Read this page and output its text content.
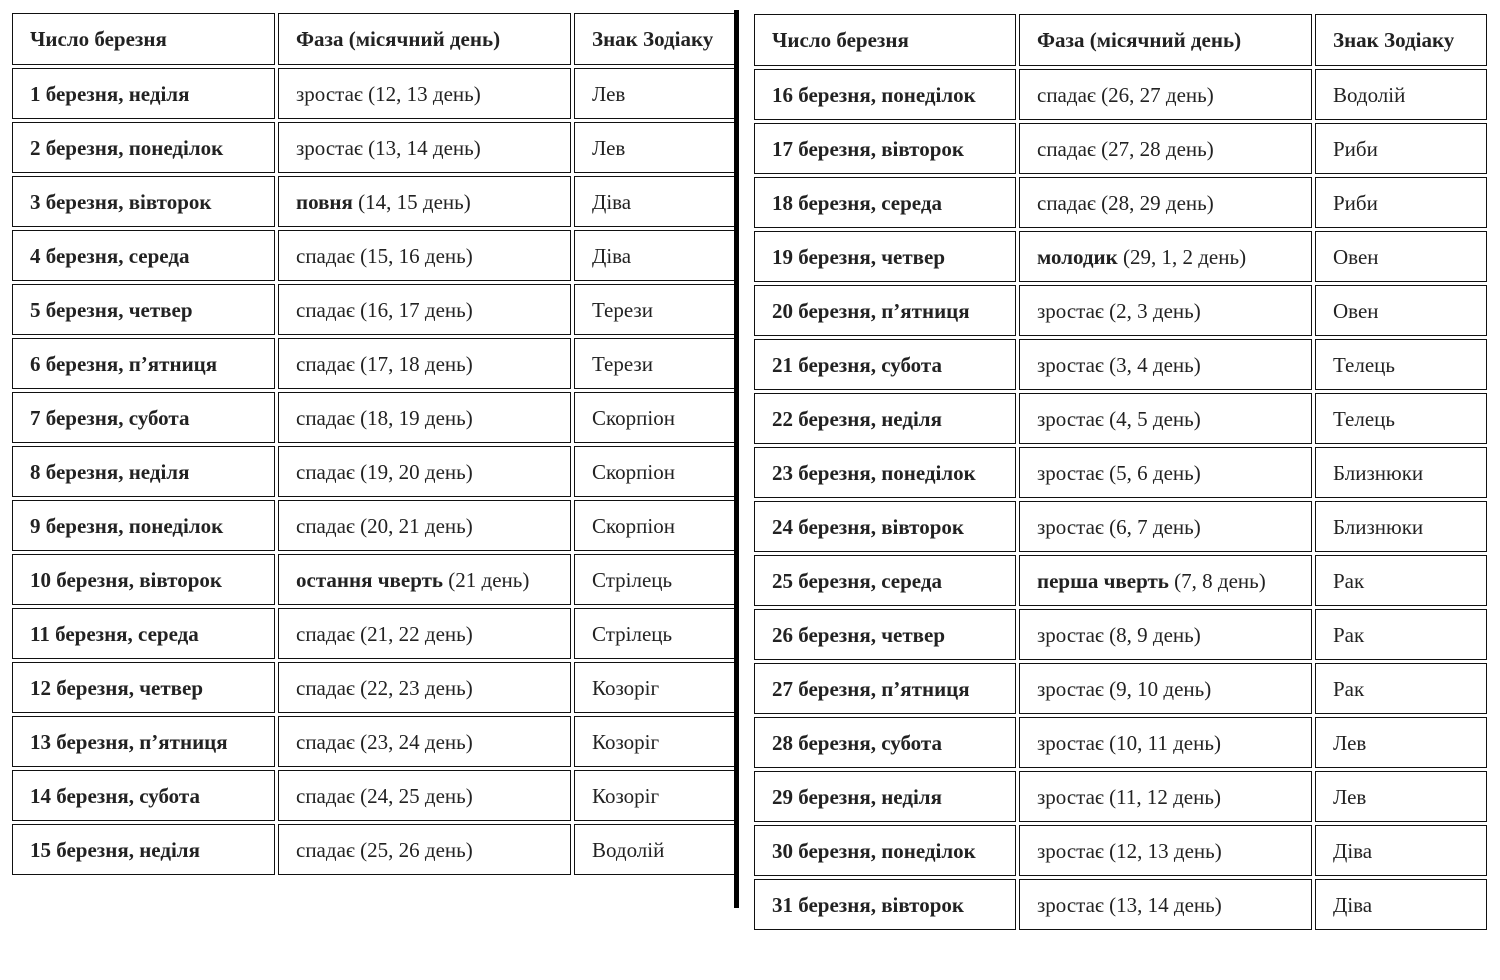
Число березня	Фаза (місячний день)	Знак Зодіаку
1 березня, неділя	зростає (12, 13 день)	Лев
2 березня, понеділок	зростає (13, 14 день)	Лев
3 березня, вівторок	повня (14, 15 день)	Діва
4 березня, середа	спадає (15, 16 день)	Діва
5 березня, четвер	спадає (16, 17 день)	Терези
6 березня, п’ятниця	спадає (17, 18 день)	Терези
7 березня, субота	спадає (18, 19 день)	Скорпіон
8 березня, неділя	спадає (19, 20 день)	Скорпіон
9 березня, понеділок	спадає (20, 21 день)	Скорпіон
10 березня, вівторок	остання чверть (21 день)	Стрілець
11 березня, середа	спадає (21, 22 день)	Стрілець
12 березня, четвер	спадає (22, 23 день)	Козоріг
13 березня, п’ятниця	спадає (23, 24 день)	Козоріг
14 березня, субота	спадає (24, 25 день)	Козоріг
15 березня, неділя	спадає (25, 26 день)	Водолій
Число березня	Фаза (місячний день)	Знак Зодіаку
16 березня, понеділок	спадає (26, 27 день)	Водолій
17 березня, вівторок	спадає (27, 28 день)	Риби
18 березня, середа	спадає (28, 29 день)	Риби
19 березня, четвер	молодик (29, 1, 2 день)	Овен
20 березня, п’ятниця	зростає (2, 3 день)	Овен
21 березня, субота	зростає (3, 4 день)	Телець
22 березня, неділя	зростає (4, 5 день)	Телець
23 березня, понеділок	зростає (5, 6 день)	Близнюки
24 березня, вівторок	зростає (6, 7 день)	Близнюки
25 березня, середа	перша чверть (7, 8 день)	Рак
26 березня, четвер	зростає (8, 9 день)	Рак
27 березня, п’ятниця	зростає (9, 10 день)	Рак
28 березня, субота	зростає (10, 11 день)	Лев
29 березня, неділя	зростає (11, 12 день)	Лев
30 березня, понеділок	зростає (12, 13 день)	Діва
31 березня, вівторок	зростає (13, 14 день)	Діва
